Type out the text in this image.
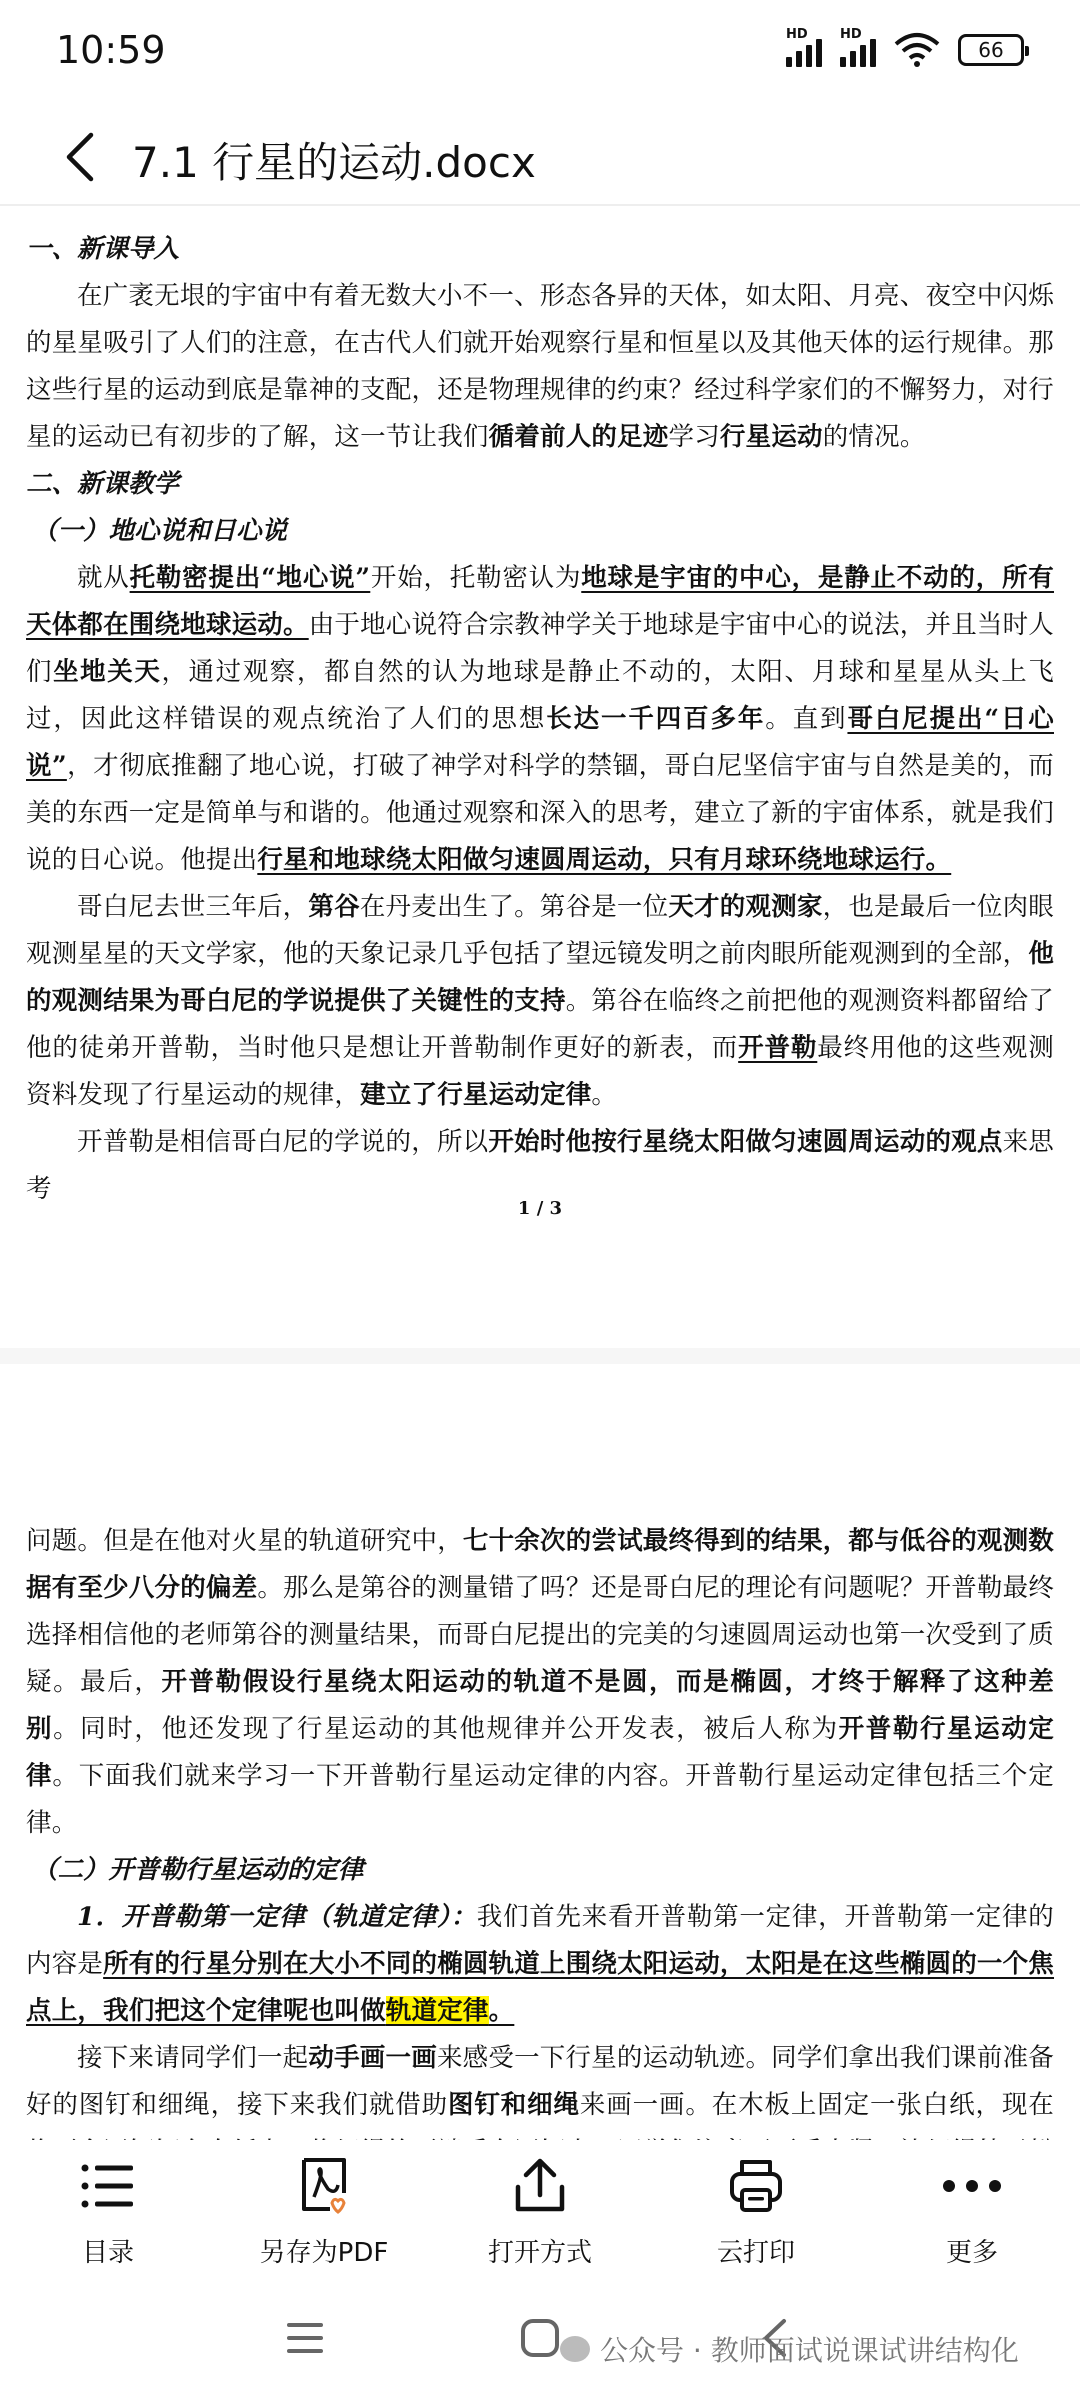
10:59	HD HD
66
7.1 行星的运动.docx
一、新课导入
在广袤无垠的宇宙中有着无数大小不一、形态各异的天体，如太阳、月亮、夜空中闪烁的星星吸引了人们的注意，在古代人们就开始观察行星和恒星以及其他天体的运行规律。那这些行星的运动到底是靠神的支配，还是物理规律的约束？经过科学家们的不懈努力，对行星的运动已有初步的了解，这一节让我们循着前人的足迹学习行星运动的情况。
二、新课教学
（一）地心说和日心说
就从托勒密提出“地心说”开始，托勒密认为地球是宇宙的中心，是静止不动的，所有天体都在围绕地球运动。由于地心说符合宗教神学关于地球是宇宙中心的说法，并且当时人们坐地关天，通过观察，都自然的认为地球是静止不动的，太阳、月球和星星从头上飞过，因此这样错误的观点统治了人们的思想长达一千四百多年。直到哥白尼提出“日心说”，才彻底推翻了地心说，打破了神学对科学的禁锢，哥白尼坚信宇宙与自然是美的，而美的东西一定是简单与和谐的。他通过观察和深入的思考，建立了新的宇宙体系，就是我们说的日心说。他提出行星和地球绕太阳做匀速圆周运动，只有月球环绕地球运行。
哥白尼去世三年后，第谷在丹麦出生了。第谷是一位天才的观测家，也是最后一位肉眼观测星星的天文学家，他的天象记录几乎包括了望远镜发明之前肉眼所能观测到的全部，他的观测结果为哥白尼的学说提供了关键性的支持。第谷在临终之前把他的观测资料都留给了他的徒弟开普勒，当时他只是想让开普勒制作更好的新表，而开普勒最终用他的这些观测资料发现了行星运动的规律，建立了行星运动定律。
开普勒是相信哥白尼的学说的，所以开始时他按行星绕太阳做匀速圆周运动的观点来思考
1 / 3
问题。但是在他对火星的轨道研究中，七十余次的尝试最终得到的结果，都与低谷的观测数据有至少八分的偏差。那么是第谷的测量错了吗？还是哥白尼的理论有问题呢？开普勒最终选择相信他的老师第谷的测量结果，而哥白尼提出的完美的匀速圆周运动也第一次受到了质疑。最后，开普勒假设行星绕太阳运动的轨道不是圆，而是椭圆，才终于解释了这种差别。同时，他还发现了行星运动的其他规律并公开发表，被后人称为开普勒行星运动定律。下面我们就来学习一下开普勒行星运动定律的内容。开普勒行星运动定律包括三个定律。
（二）开普勒行星运动的定律
1．开普勒第一定律（轨道定律）：我们首先来看开普勒第一定律，开普勒第一定律的内容是所有的行星分别在大小不同的椭圆轨道上围绕太阳运动，太阳是在这些椭圆的一个焦点上，我们把这个定律呢也叫做轨道定律。
接下来请同学们一起动手画一画来感受一下行星的运动轨迹。同学们拿出我们课前准备好的图钉和细绳，接下来我们就借助图钉和细绳来画一画。在木板上固定一张白纸，现在
目录	另存为PDF	打开方式	云打印	更多
公众号 · 教师面试说课试讲结构化
